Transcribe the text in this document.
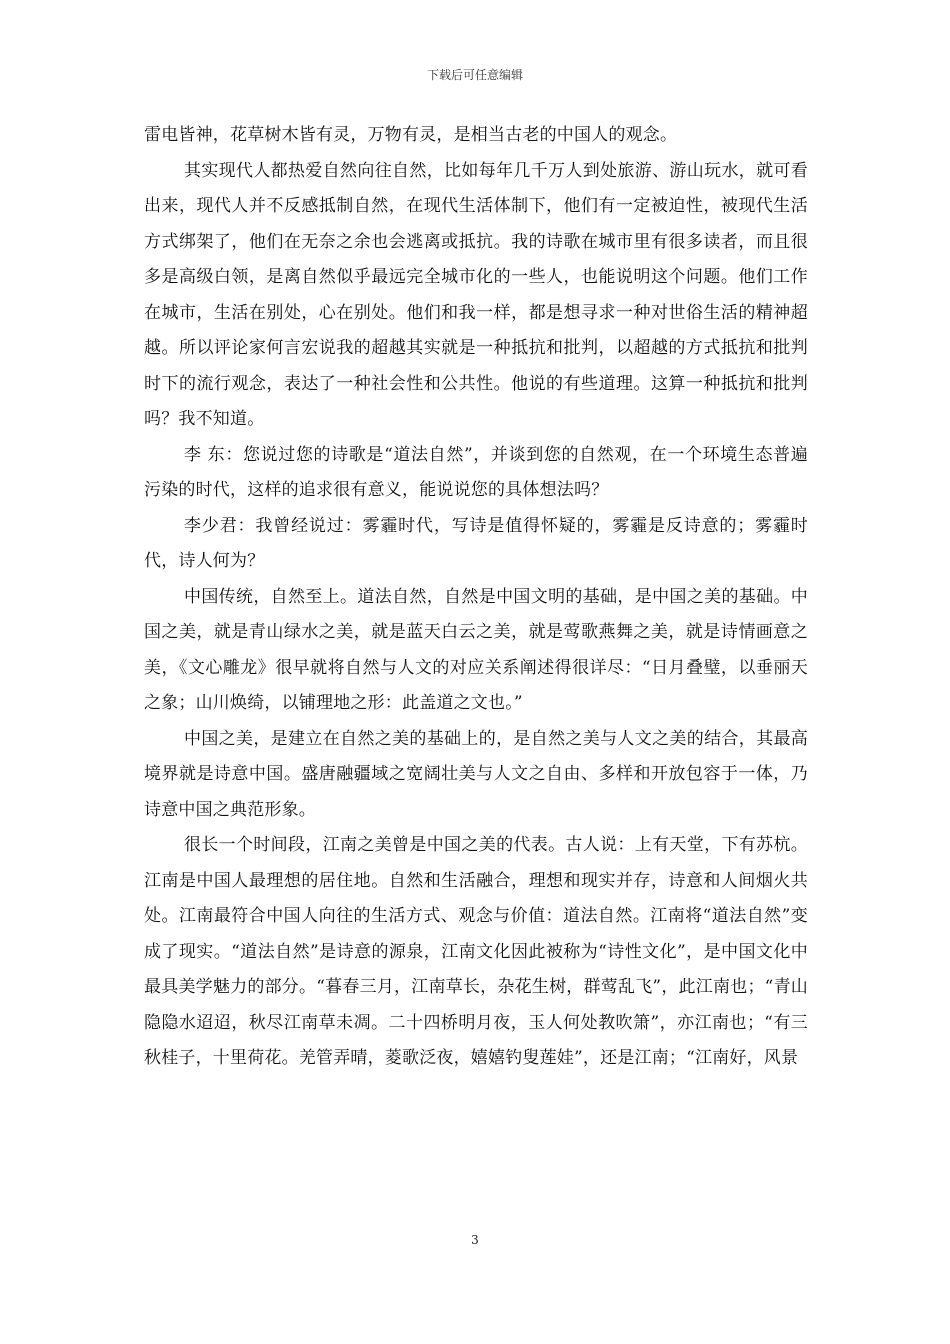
下载后可任意编辑

雷电皆神，花草树木皆有灵，万物有灵，是相当古老的中国人的观念。

其实现代人都热爱自然向往自然，比如每年几千万人到处旅游、游山玩水，就可看出来，现代人并不反感抵制自然，在现代生活体制下，他们有一定被迫性，被现代生活方式绑架了，他们在无奈之余也会逃离或抵抗。我的诗歌在城市里有很多读者，而且很多是高级白领，是离自然似乎最远完全城市化的一些人，也能说明这个问题。他们工作在城市，生活在别处，心在别处。他们和我一样，都是想寻求一种对世俗生活的精神超越。所以评论家何言宏说我的超越其实就是一种抵抗和批判，以超越的方式抵抗和批判时下的流行观念，表达了一种社会性和公共性。他说的有些道理。这算一种抵抗和批判吗？我不知道。

李 东：您说过您的诗歌是“道法自然”，并谈到您的自然观，在一个环境生态普遍污染的时代，这样的追求很有意义，能说说您的具体想法吗？

李少君：我曾经说过：雾霾时代，写诗是值得怀疑的，雾霾是反诗意的；雾霾时代，诗人何为？

中国传统，自然至上。道法自然，自然是中国文明的基础，是中国之美的基础。中国之美，就是青山绿水之美，就是蓝天白云之美，就是莺歌燕舞之美，就是诗情画意之美，《文心雕龙》很早就将自然与人文的对应关系阐述得很详尽：“日月叠璧，以垂丽天之象；山川焕绮，以铺理地之形：此盖道之文也。”

中国之美，是建立在自然之美的基础上的，是自然之美与人文之美的结合，其最高境界就是诗意中国。盛唐融疆域之宽阔壮美与人文之自由、多样和开放包容于一体，乃诗意中国之典范形象。

很长一个时间段，江南之美曾是中国之美的代表。古人说：上有天堂，下有苏杭。江南是中国人最理想的居住地。自然和生活融合，理想和现实并存，诗意和人间烟火共处。江南最符合中国人向往的生活方式、观念与价值：道法自然。江南将“道法自然”变成了现实。“道法自然”是诗意的源泉，江南文化因此被称为“诗性文化”，是中国文化中最具美学魅力的部分。“暮春三月，江南草长，杂花生树，群莺乱飞”，此江南也；“青山隐隐水迢迢，秋尽江南草未凋。二十四桥明月夜，玉人何处教吹箫”，亦江南也；“有三秋桂子，十里荷花。羌管弄晴，菱歌泛夜，嬉嬉钓叟莲娃”，还是江南；“江南好，风景

3
